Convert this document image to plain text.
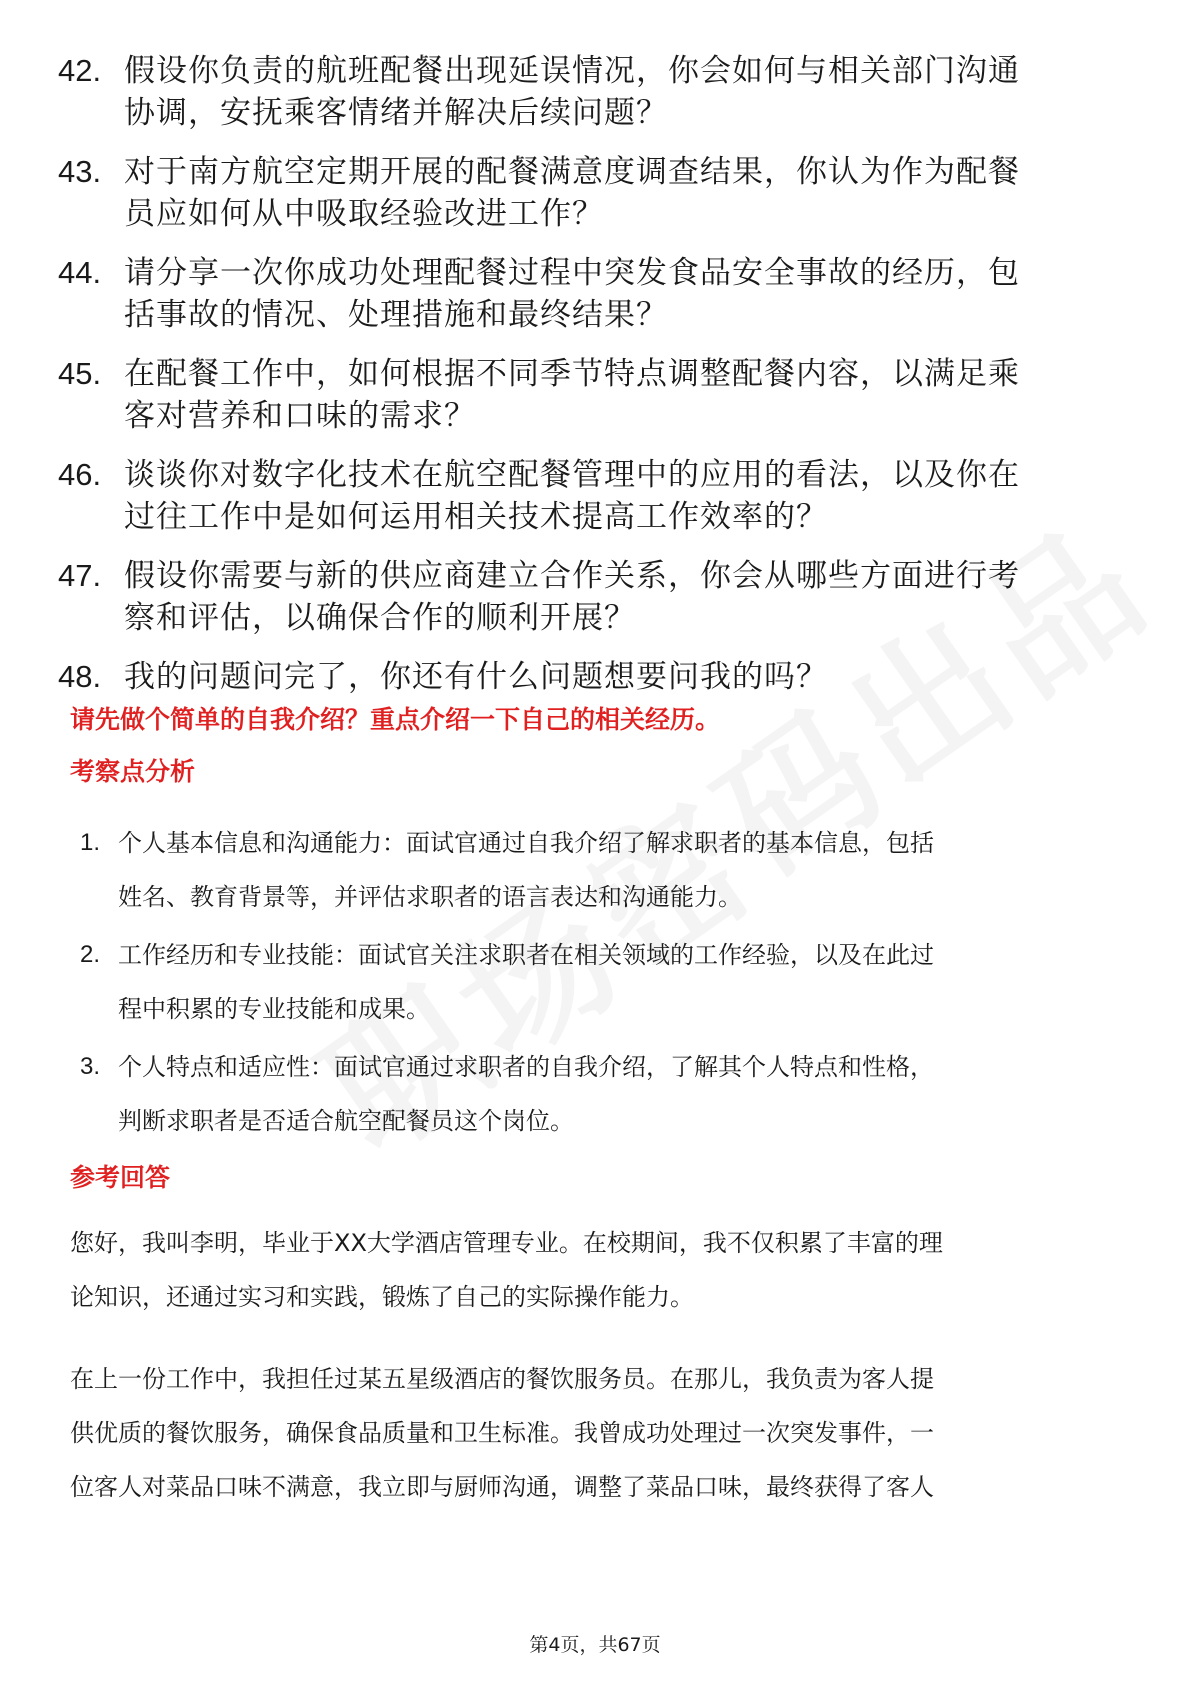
42. 假设你负责的航班配餐出现延误情况，你会如何与相关部门沟通
协调，安抚乘客情绪并解决后续问题？
43. 对于南方航空定期开展的配餐满意度调查结果，你认为作为配餐
员应如何从中吸取经验改进工作？
44. 请分享一次你成功处理配餐过程中突发食品安全事故的经历，包
括事故的情况、处理措施和最终结果？
45. 在配餐工作中，如何根据不同季节特点调整配餐内容，以满足乘
客对营养和口味的需求？
46. 谈谈你对数字化技术在航空配餐管理中的应用的看法，以及你在
过往工作中是如何运用相关技术提高工作效率的？
47. 假设你需要与新的供应商建立合作关系，你会从哪些方面进行考
察和评估，以确保合作的顺利开展？
48. 我的问题问完了，你还有什么问题想要问我的吗？
请先做个简单的自我介绍？重点介绍一下自己的相关经历。
考察点分析
1. 个人基本信息和沟通能力：面试官通过自我介绍了解求职者的基本信息，包括
姓名、教育背景等，并评估求职者的语言表达和沟通能力。
2. 工作经历和专业技能：面试官关注求职者在相关领域的工作经验，以及在此过
程中积累的专业技能和成果。
3. 个人特点和适应性：面试官通过求职者的自我介绍，了解其个人特点和性格，
判断求职者是否适合航空配餐员这个岗位。
参考回答
您好，我叫李明，毕业于XX大学酒店管理专业。在校期间，我不仅积累了丰富的理
论知识，还通过实习和实践，锻炼了自己的实际操作能力。
在上一份工作中，我担任过某五星级酒店的餐饮服务员。在那儿，我负责为客人提
供优质的餐饮服务，确保食品质量和卫生标准。我曾成功处理过一次突发事件，一
位客人对菜品口味不满意，我立即与厨师沟通，调整了菜品口味，最终获得了客人
第4页，共67页
